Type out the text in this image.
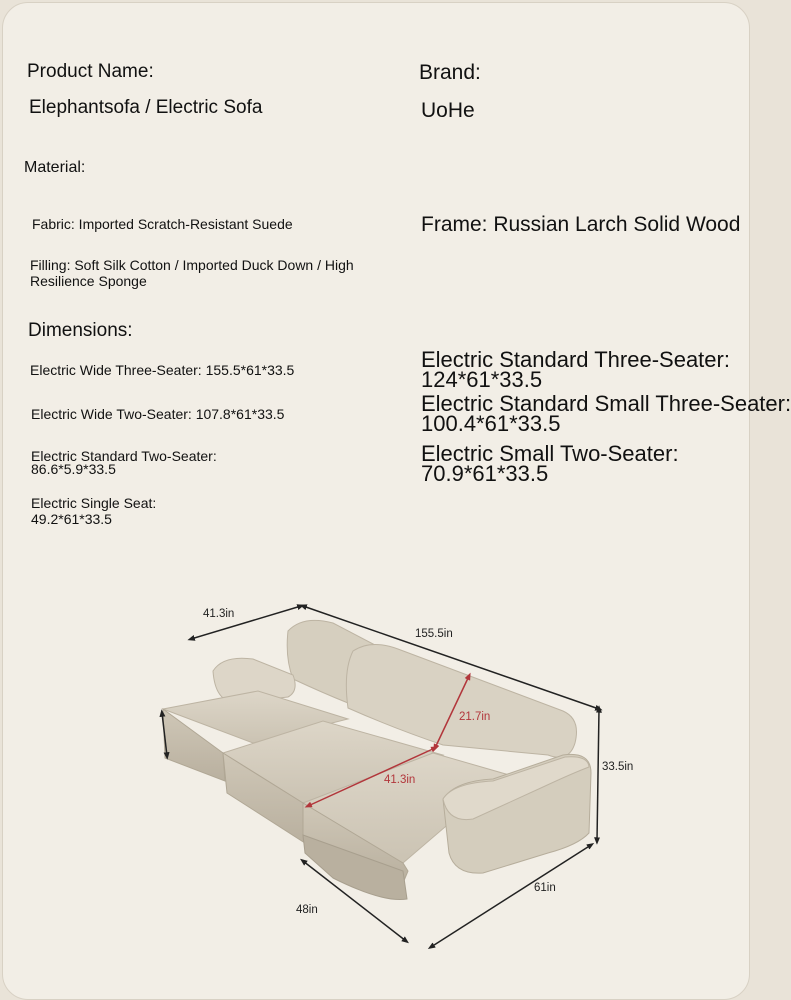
Product Name:
Elephantsofa / Electric Sofa
Brand:
UoHe
Material:
Fabric: Imported Scratch-Resistant Suede	Frame: Russian Larch Solid Wood
Filling: Soft Silk Cotton / Imported Duck Down / High Resilience Sponge
Dimensions:
Electric Wide Three-Seater: 155.5*61*33.5
Electric Wide Two-Seater: 107.8*61*33.5
Electric Standard Two-Seater:
86.6*5.9*33.5
Electric Single Seat:
49.2*61*33.5
Electric Standard Three-Seater:
124*61*33.5
Electric Standard Small Three-Seater:
100.4*61*33.5
Electric Small Two-Seater:
70.9*61*33.5
41.3in
155.5in
21.7in
41.3in
33.5in
61in
48in
